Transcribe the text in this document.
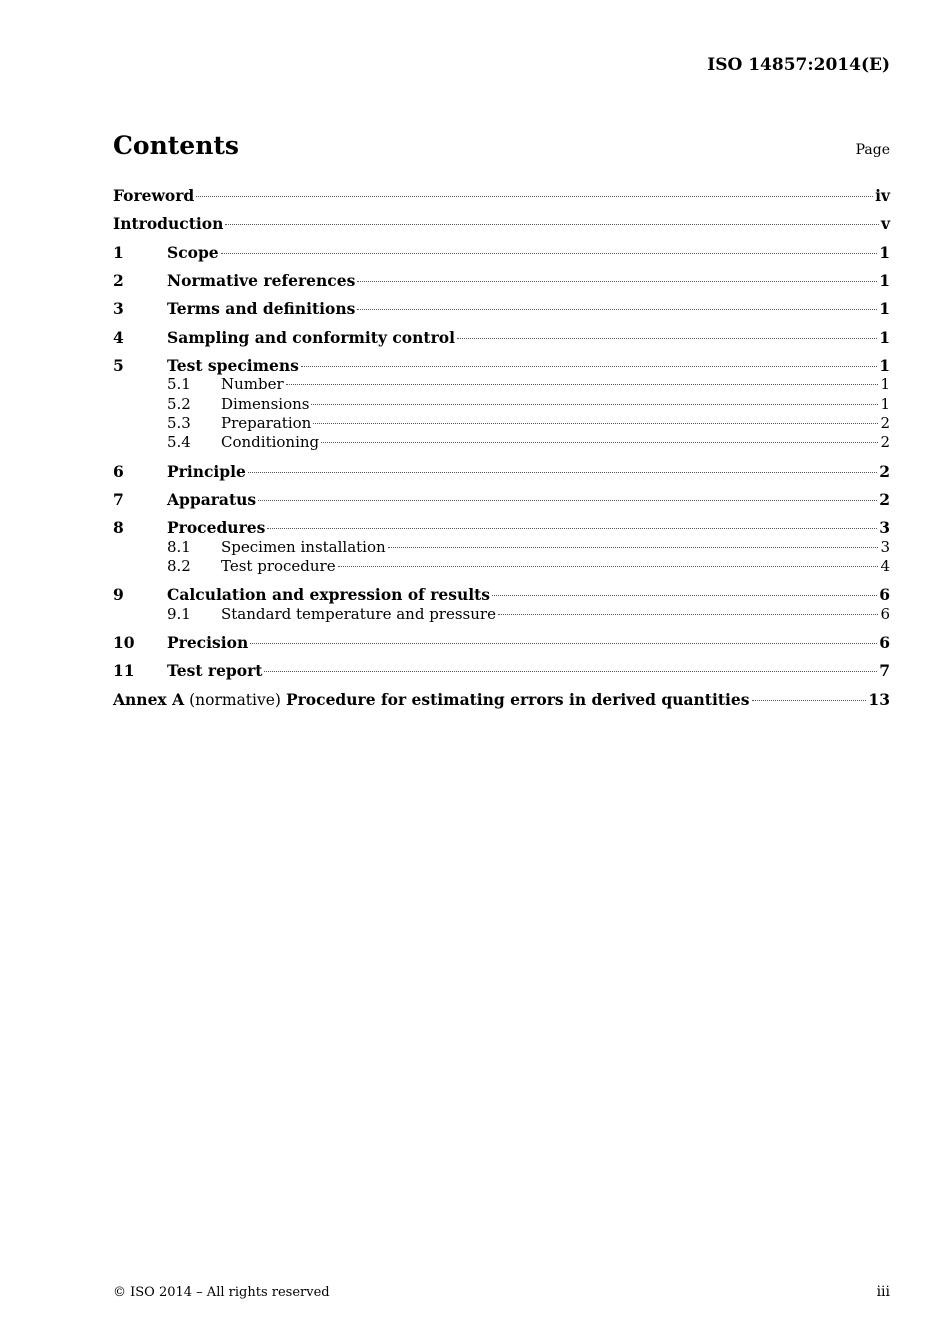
ISO 14857:2014(E)
Contents	Page
Foreword	iv
Introduction	v
1	Scope	1
2	Normative references	1
3	Terms and definitions	1
4	Sampling and conformity control	1
5	Test specimens	1
5.1	Number	1
5.2	Dimensions	1
5.3	Preparation	2
5.4	Conditioning	2
6	Principle	2
7	Apparatus	2
8	Procedures	3
8.1	Specimen installation	3
8.2	Test procedure	4
9	Calculation and expression of results	6
9.1	Standard temperature and pressure	6
10	Precision	6
11	Test report	7
Annex A (normative) Procedure for estimating errors in derived quantities	13
© ISO 2014 – All rights reserved	iii
